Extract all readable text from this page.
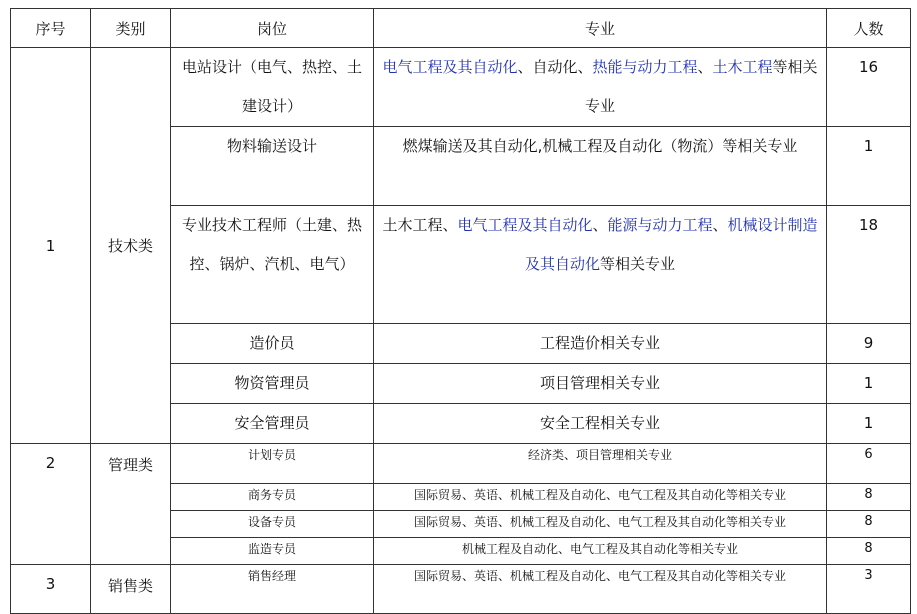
序号	类别	岗位	专业	人数
1	技术类	电站设计（电气、热控、土建设计）	电气工程及其自动化、自动化、热能与动力工程、土木工程等相关专业	16
		物料输送设计	燃煤输送及其自动化,机械工程及自动化（物流）等相关专业	1
		专业技术工程师（土建、热控、锅炉、汽机、电气）	土木工程、电气工程及其自动化、能源与动力工程、机械设计制造及其自动化等相关专业	18
		造价员	工程造价相关专业	9
		物资管理员	项目管理相关专业	1
		安全管理员	安全工程相关专业	1
2	管理类	计划专员	经济类、项目管理相关专业	6
		商务专员	国际贸易、英语、机械工程及自动化、电气工程及其自动化等相关专业	8
		设备专员	国际贸易、英语、机械工程及自动化、电气工程及其自动化等相关专业	8
		监造专员	机械工程及自动化、电气工程及其自动化等相关专业	8
3	销售类	销售经理	国际贸易、英语、机械工程及自动化、电气工程及其自动化等相关专业	3
